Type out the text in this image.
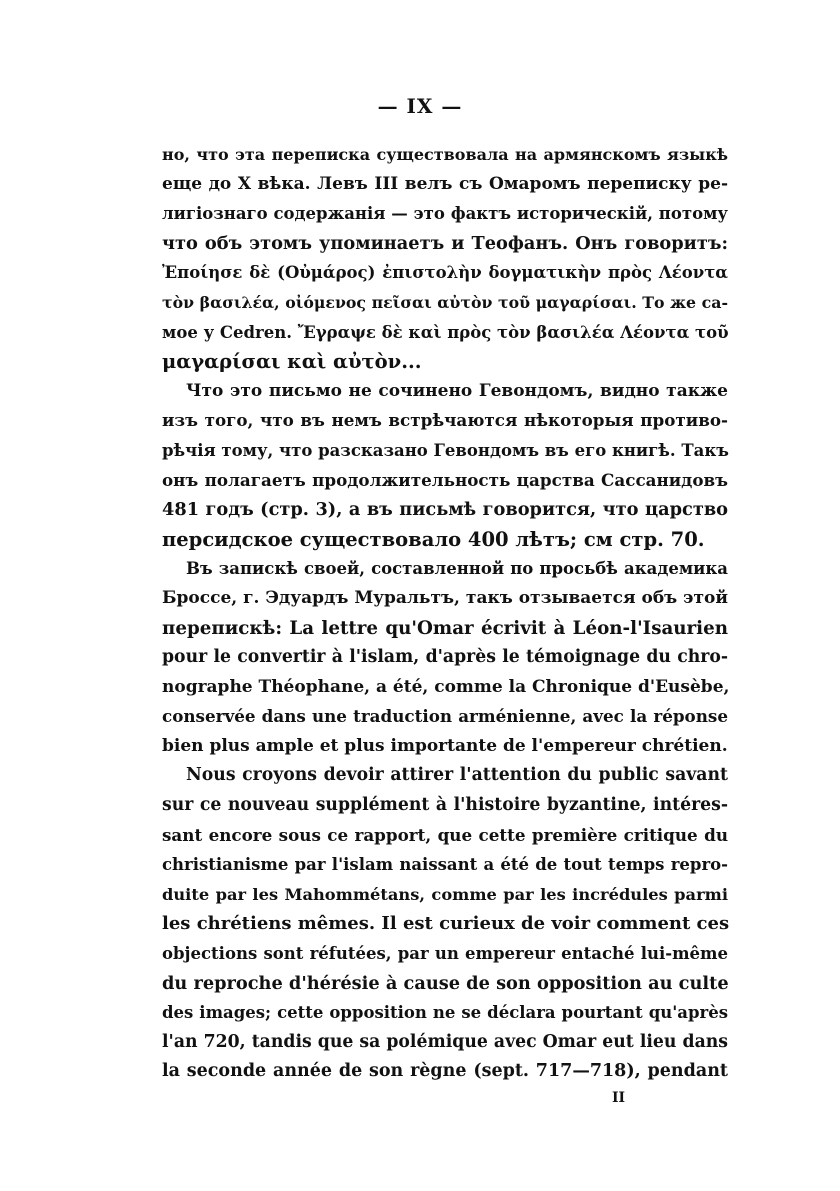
— IX —
но, что эта переписка существовала на армянскомъ языкѣ
еще до X вѣка. Левъ III велъ съ Омаромъ переписку ре-
лигіознаго содержанія — это фактъ историческій, потому
что объ этомъ упоминаетъ и Теофанъ. Онъ говоритъ:
Ἐποίησε δὲ (Οὐμάρος) ἐπιστολὴν δογματικὴν πρὸς Λέοντα
τὸν βασιλέα, οἰόμενος πεῖσαι αὐτὸν τοῦ μαγαρίσαι. То же са-
мое у Cedren. Ἔγραψε δὲ καὶ πρὸς τὸν βασιλέα Λέοντα τοῦ
μαγαρίσαι καὶ αὐτὸν...
Что это письмо не сочинено Гевондомъ, видно также
изъ того, что въ немъ встрѣчаются нѣкоторыя противо-
рѣчія тому, что разсказано Гевондомъ въ его книгѣ. Такъ
онъ полагаетъ продолжительность царства Сассанидовъ
481 годъ (стр. 3), а въ письмѣ говорится, что царство
персидское существовало 400 лѣтъ; см стр. 70.
Въ запискѣ своей, составленной по просьбѣ академика
Броссе, г. Эдуардъ Муральтъ, такъ отзывается объ этой
перепискѣ: La lettre qu'Omar écrivit à Léon-l'Isaurien
pour le convertir à l'islam, d'après le témoignage du chro-
nographe Théophane, a été, comme la Chronique d'Eusèbe,
conservée dans une traduction arménienne, avec la réponse
bien plus ample et plus importante de l'empereur chrétien.
Nous croyons devoir attirer l'attention du public savant
sur ce nouveau supplément à l'histoire byzantine, intéres-
sant encore sous ce rapport, que cette première critique du
christianisme par l'islam naissant a été de tout temps repro-
duite par les Mahommétans, comme par les incrédules parmi
les chrétiens mêmes. Il est curieux de voir comment ces
objections sont réfutées, par un empereur entaché lui-même
du reproche d'hérésie à cause de son opposition au culte
des images; cette opposition ne se déclara pourtant qu'après
l'an 720, tandis que sa polémique avec Omar eut lieu dans
la seconde année de son règne (sept. 717—718), pendant
II
